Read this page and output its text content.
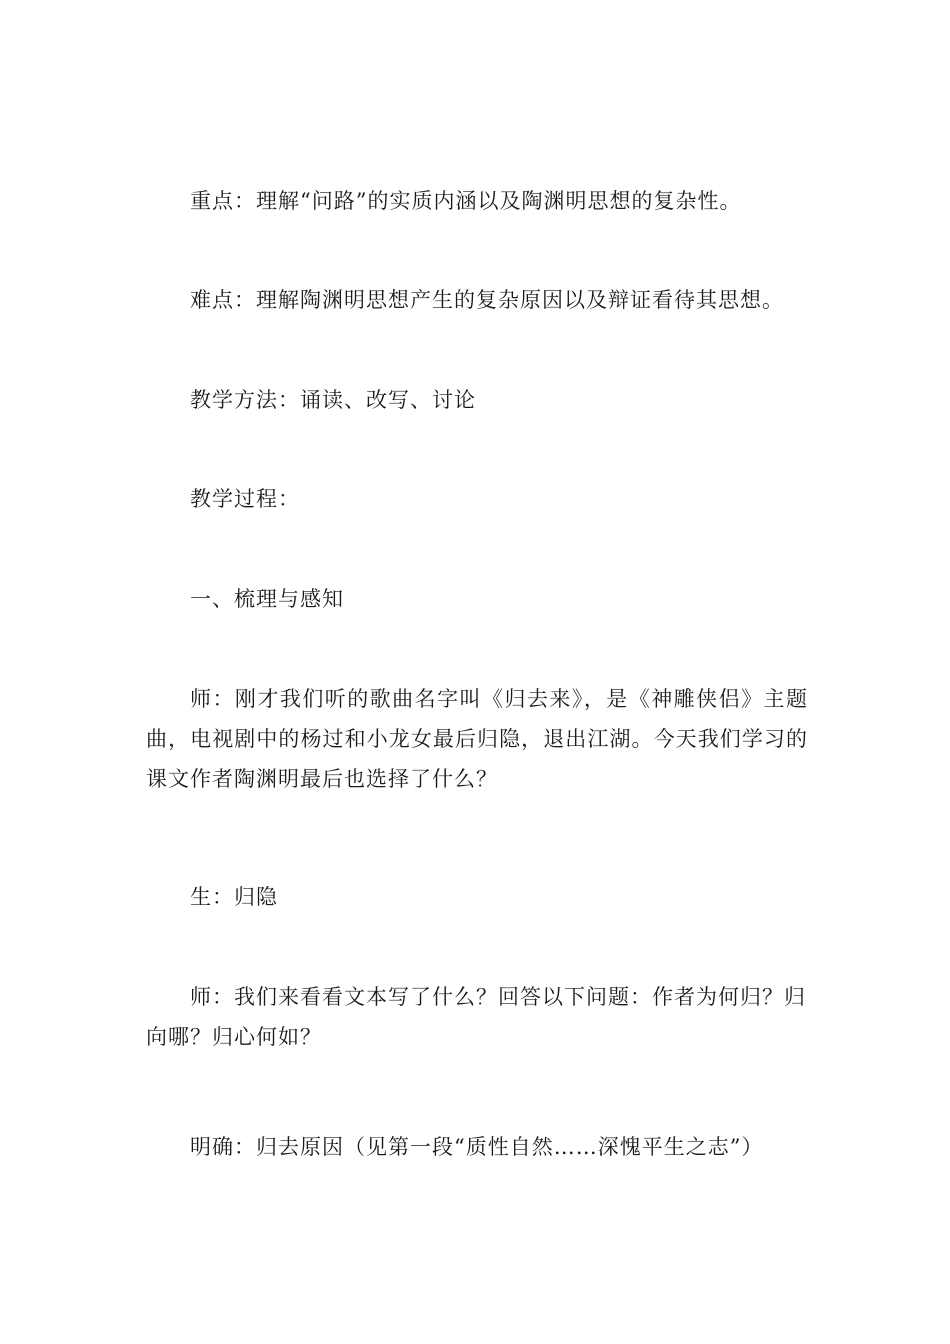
重点：理解“问路”的实质内涵以及陶渊明思想的复杂性。

难点：理解陶渊明思想产生的复杂原因以及辩证看待其思想。

教学方法：诵读、改写、讨论

教学过程：

一、梳理与感知

师：刚才我们听的歌曲名字叫《归去来》，是《神雕侠侣》主题曲，电视剧中的杨过和小龙女最后归隐，退出江湖。今天我们学习的课文作者陶渊明最后也选择了什么？

生：归隐

师：我们来看看文本写了什么？回答以下问题：作者为何归？归向哪？归心何如？

明确：归去原因（见第一段“质性自然……深愧平生之志”）
